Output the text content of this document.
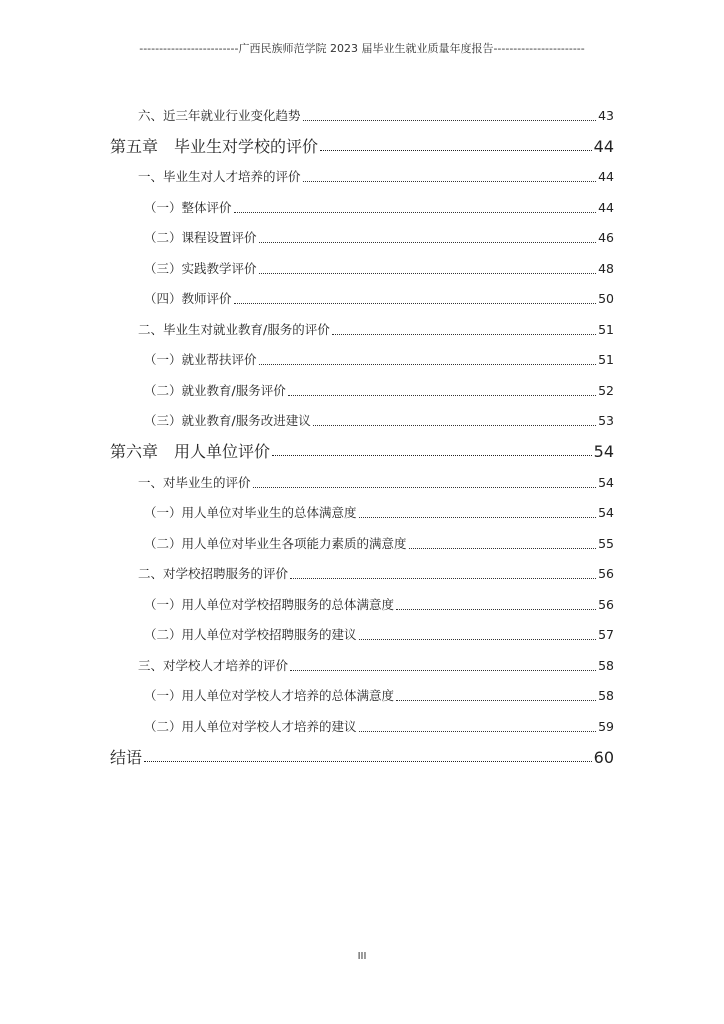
-------------------------广西民族师范学院 2023 届毕业生就业质量年度报告-----------------------
六、近三年就业行业变化趋势	43
第五章　毕业生对学校的评价	44
一、毕业生对人才培养的评价	44
（一）整体评价	44
（二）课程设置评价	46
（三）实践教学评价	48
（四）教师评价	50
二、毕业生对就业教育/服务的评价	51
（一）就业帮扶评价	51
（二）就业教育/服务评价	52
（三）就业教育/服务改进建议	53
第六章　用人单位评价	54
一、对毕业生的评价	54
（一）用人单位对毕业生的总体满意度	54
（二）用人单位对毕业生各项能力素质的满意度	55
二、对学校招聘服务的评价	56
（一）用人单位对学校招聘服务的总体满意度	56
（二）用人单位对学校招聘服务的建议	57
三、对学校人才培养的评价	58
（一）用人单位对学校人才培养的总体满意度	58
（二）用人单位对学校人才培养的建议	59
结语	60
III
